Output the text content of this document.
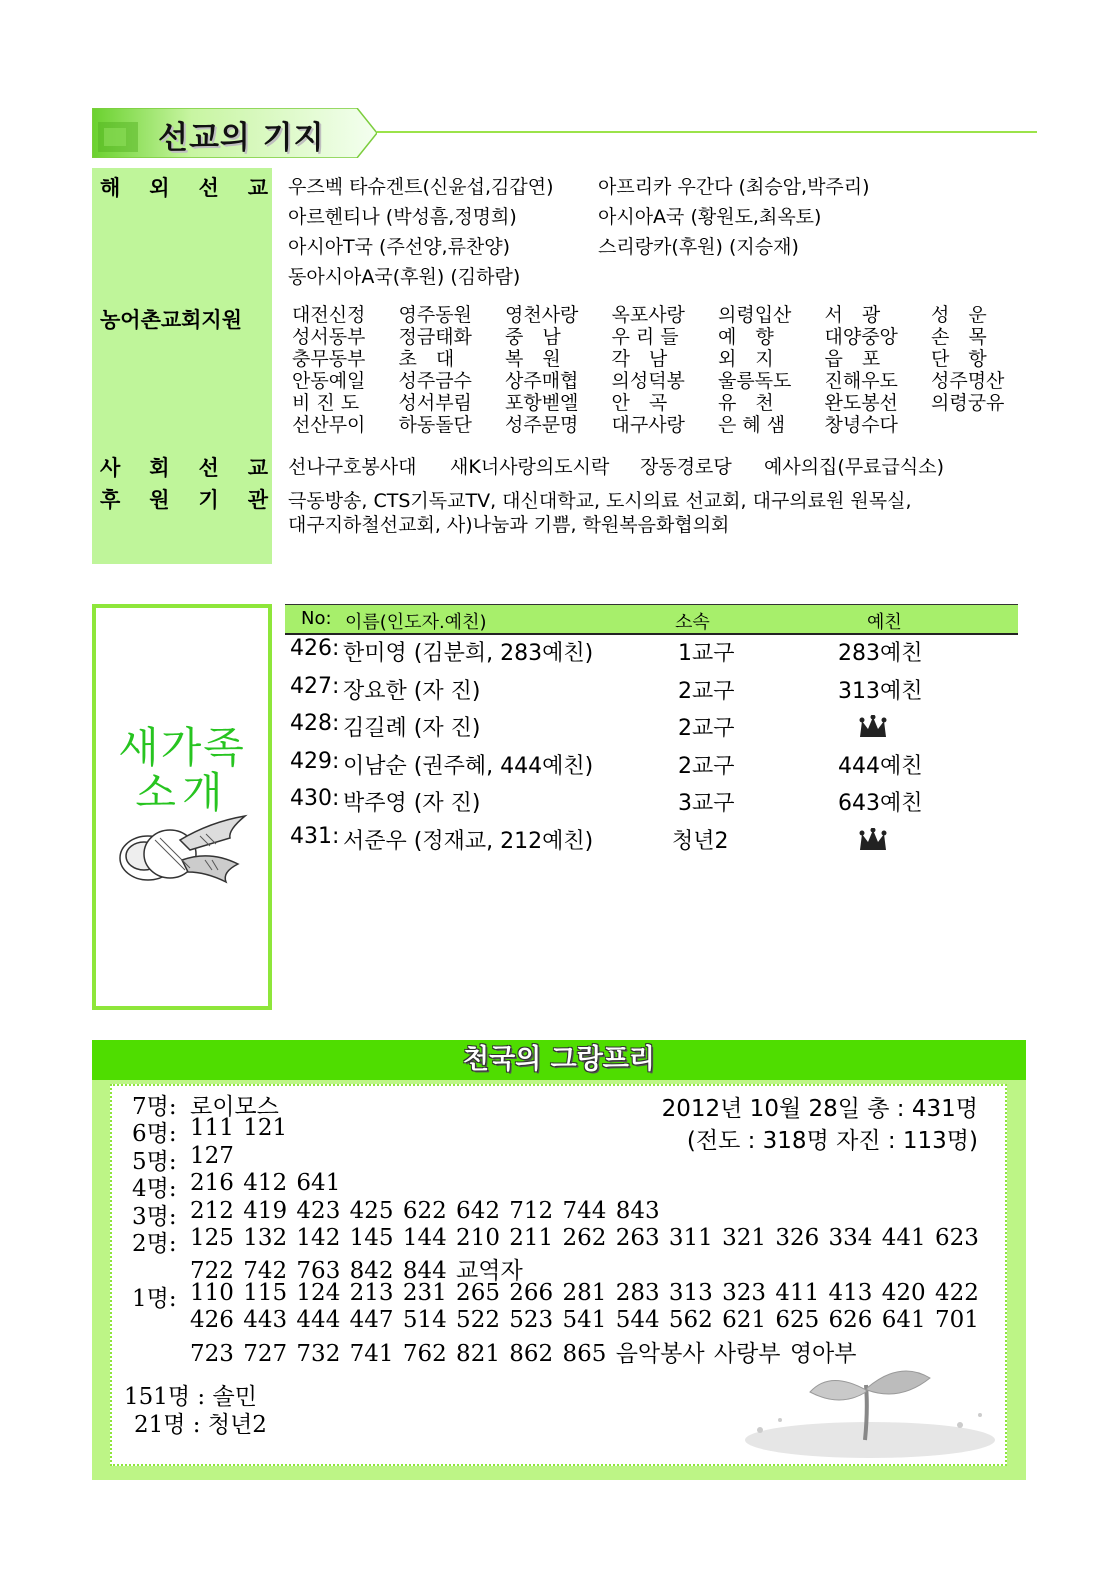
선교의 기지
해 외 선 교 우즈벡 타슈겐트(신윤섭,김갑연) 아프리카 우간다 (최승암,박주리)
아르헨티나 (박성흠,정명희)	아시아A국 (황원도,최옥토)
아시아T국 (주선양,류찬양)	스리랑카(후원) (지승재)
동아시아A국(후원) (김하람)
농어촌교회지원	대전신정	영주동원	영천사랑	옥포사랑	의령입산	서　광	성　운
성서동부	정금태화	중　남	우 리 들	예　향	대양중앙	손　목
충무동부	초　대	복　원	각　남	외　지	읍　포	단　항
안동예일	성주금수	상주매협	의성덕봉	울릉독도	진해우도	성주명산
비 진 도	성서부림	포항벧엘	안　곡	유　천	완도봉선	의령궁유
선산무이	하동돌단	성주문명	대구사랑	은 혜 샘	창녕수다
사 회 선 교 선나구호봉사대 새K너사랑의도시락 장동경로당 예사의집(무료급식소)
후 원 기 관 극동방송, CTS기독교TV, 대신대학교, 도시의료 선교회, 대구의료원 원목실,
대구지하철선교회, 사)나눔과 기쁨, 학원복음화협의회
새가족
소개
No: 이름(인도자.예친)	소속	예친
426: 한미영 (김분희, 283예친)	1교구	283예친
427: 장요한 (자 진)	2교구	313예친
428: 김길례 (자 진)	2교구
429: 이남순 (권주혜, 444예친)	2교구	444예친
430: 박주영 (자 진)	3교구	643예친
431: 서준우 (정재교, 212예친)	청년2
천국의 그랑프리
2012년 10월 28일 총 : 431명
(전도 : 318명 자진 : 113명)
7명: 로이모스
6명: 111 121
5명: 127
4명: 216 412 641
3명: 212 419 423 425 622 642 712 744 843
2명: 125 132 142 145 144 210 211 262 263 311 321 326 334 441 623
722 742 763 842 844 교역자
1명: 110 115 124 213 231 265 266 281 283 313 323 411 413 420 422
426 443 444 447 514 522 523 541 544 562 621 625 626 641 701
723 727 732 741 762 821 862 865 음악봉사 사랑부 영아부
151명 : 솔민
21명 : 청년2
